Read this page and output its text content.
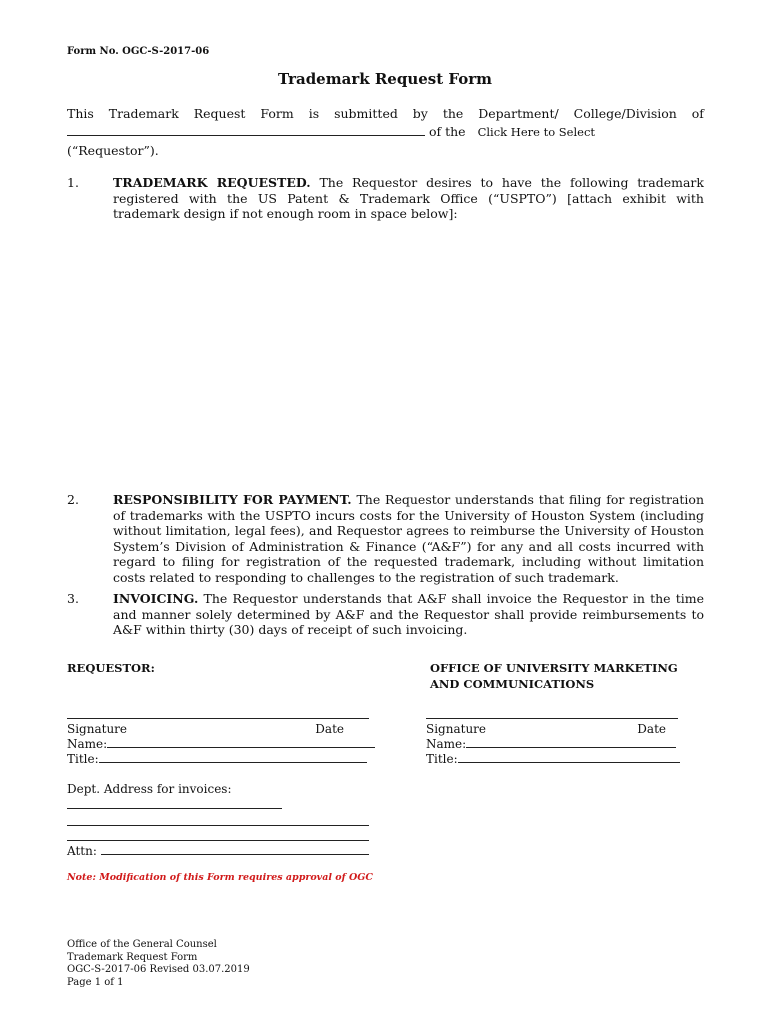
Form No. OGC-S-2017-06
Trademark Request Form
This Trademark Request Form is submitted by the Department/ College/Division of
of the Click Here to Select
(“Requestor”).
1.	TRADEMARK REQUESTED. The Requestor desires to have the following trademark registered with the US Patent & Trademark Office (“USPTO”) [attach exhibit with trademark design if not enough room in space below]:
2.	RESPONSIBILITY FOR PAYMENT. The Requestor understands that filing for registration of trademarks with the USPTO incurs costs for the University of Houston System (including without limitation, legal fees), and Requestor agrees to reimburse the University of Houston System’s Division of Administration & Finance (“A&F”) for any and all costs incurred with regard to filing for registration of the requested trademark, including without limitation costs related to responding to challenges to the registration of such trademark.
3.	INVOICING. The Requestor understands that A&F shall invoice the Requestor in the time and manner solely determined by A&F and the Requestor shall provide reimbursements to A&F within thirty (30) days of receipt of such invoicing.
REQUESTOR:	OFFICE OF UNIVERSITY MARKETING
AND COMMUNICATIONS
Signature	Date
Name:
Title:
Signature	Date
Name:
Title:
Dept. Address for invoices:
Attn:
Note: Modification of this Form requires approval of OGC
Office of the General Counsel
Trademark Request Form
OGC-S-2017-06 Revised 03.07.2019
Page 1 of 1
